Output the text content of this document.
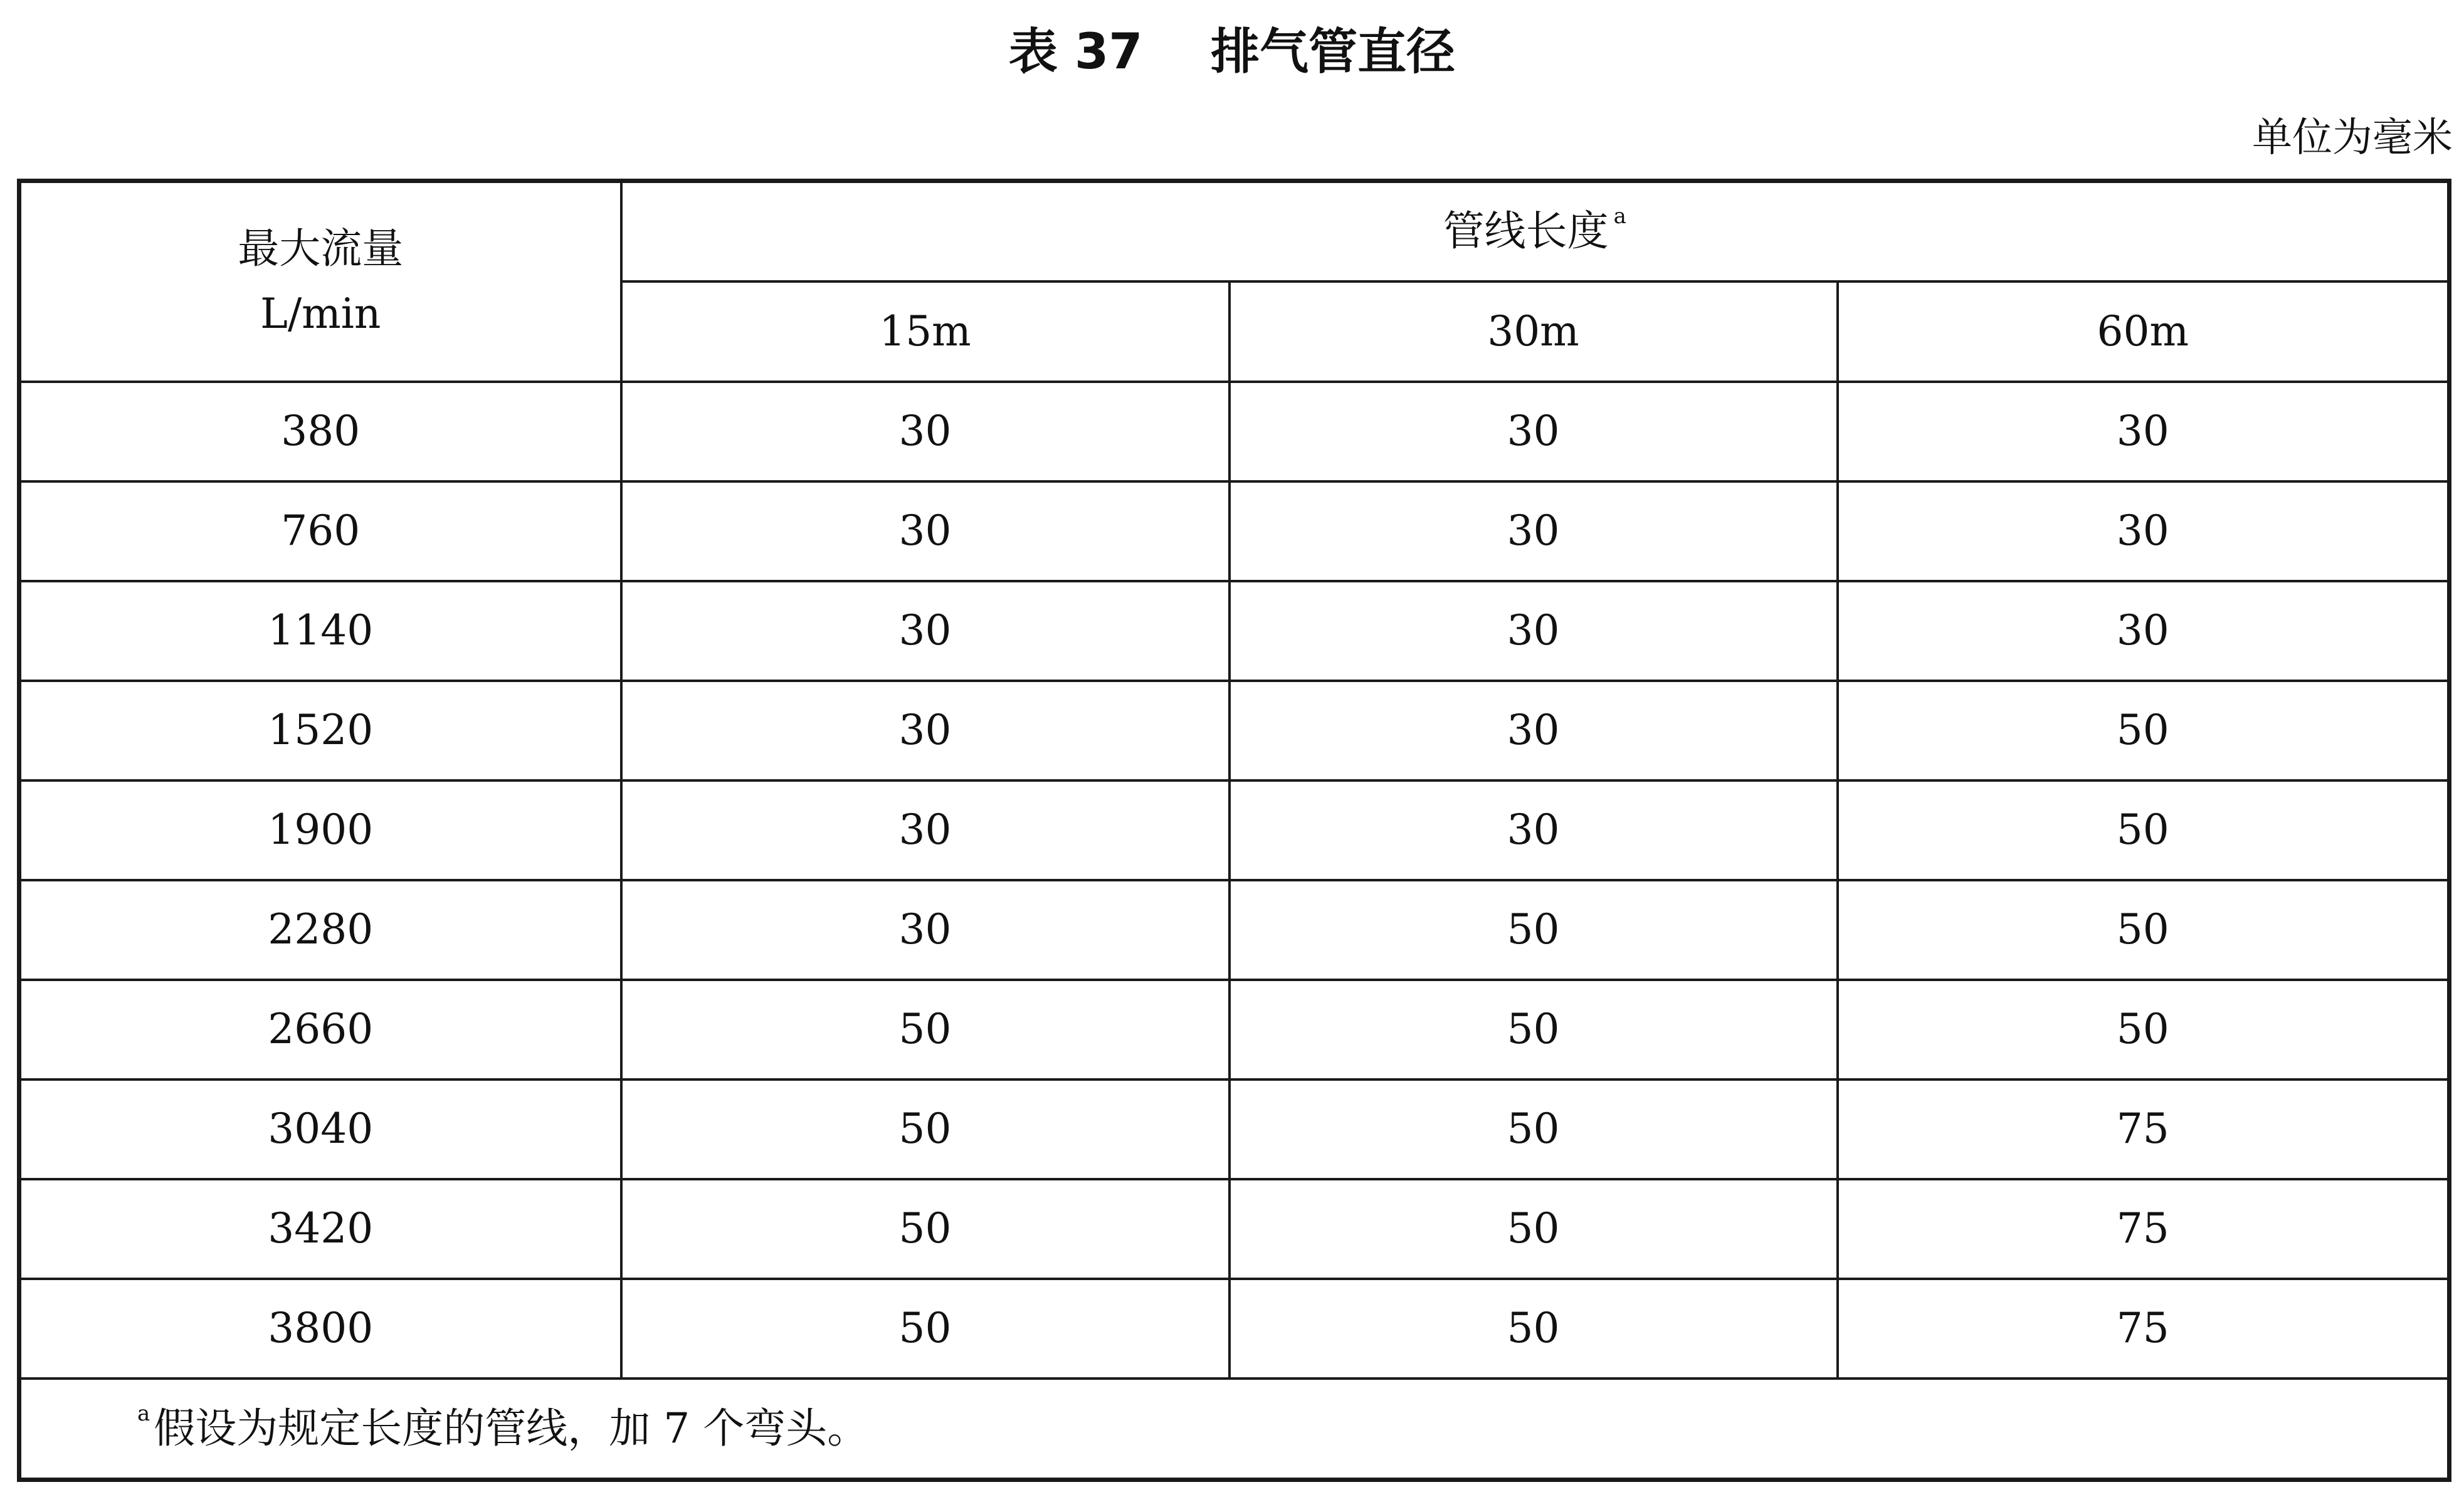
表 37    排气管直径
单位为毫米
最大流量
L/min	管线长度 $^a$
	15m	30m	60m
380	30	30	30
760	30	30	30
1140	30	30	30
1520	30	30	50
1900	30	30	50
2280	30	50	50
2660	50	50	50
3040	50	50	75
3420	50	50	75
3800	50	50	75
$^a$假设为规定长度的管线，加 7 个弯头。			
